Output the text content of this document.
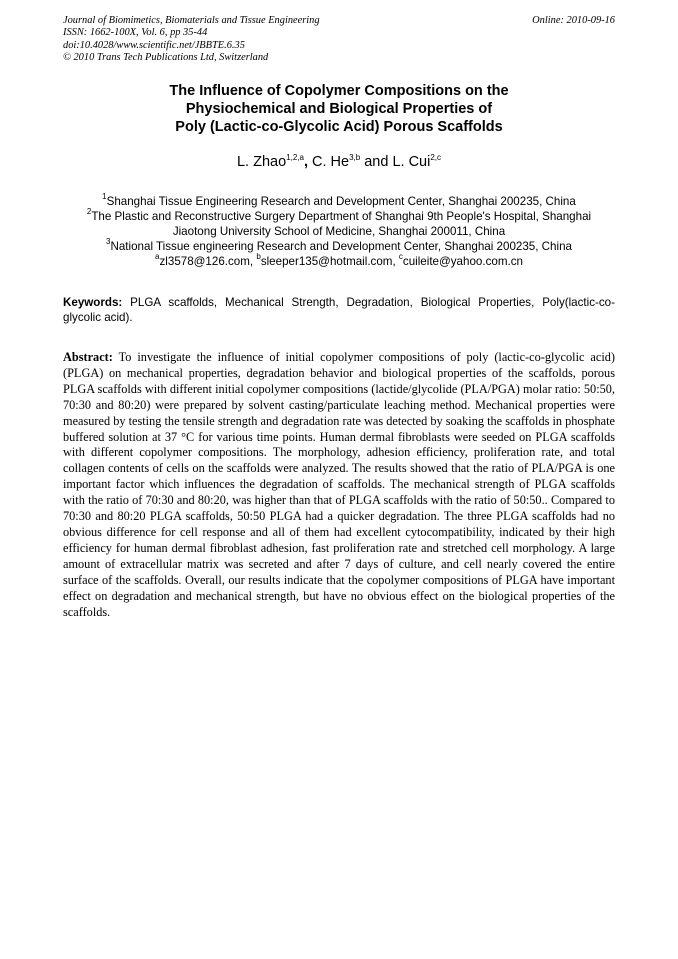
Journal of Biomimetics, Biomaterials and Tissue Engineering
ISSN: 1662-100X, Vol. 6, pp 35-44
doi:10.4028/www.scientific.net/JBBTE.6.35
© 2010 Trans Tech Publications Ltd, Switzerland
Online: 2010-09-16
The Influence of Copolymer Compositions on the
Physiochemical and Biological Properties of
Poly (Lactic-co-Glycolic Acid) Porous Scaffolds
L. Zhao$^{1,2,a}$, C. He$^{3,b}$ and L. Cui$^{2,c}$
$^1$Shanghai Tissue Engineering Research and Development Center, Shanghai 200235, China
$^2$The Plastic and Reconstructive Surgery Department of Shanghai 9th People's Hospital, Shanghai
Jiaotong University School of Medicine, Shanghai 200011, China
$^3$National Tissue engineering Research and Development Center, Shanghai 200235, China
$^a$zl3578@126.com, $^b$sleeper135@hotmail.com, $^c$cuileite@yahoo.com.cn
Keywords: PLGA scaffolds, Mechanical Strength, Degradation, Biological Properties, Poly(lactic-co-glycolic acid).
Abstract: To investigate the influence of initial copolymer compositions of poly (lactic-co-glycolic acid) (PLGA) on mechanical properties, degradation behavior and biological properties of the scaffolds, porous PLGA scaffolds with different initial copolymer compositions (lactide/glycolide (PLA/PGA) molar ratio: 50:50, 70:30 and 80:20) were prepared by solvent casting/particulate leaching method. Mechanical properties were measured by testing the tensile strength and degradation rate was detected by soaking the scaffolds in phosphate buffered solution at 37 °C for various time points. Human dermal fibroblasts were seeded on PLGA scaffolds with different copolymer compositions. The morphology, adhesion efficiency, proliferation rate, and total collagen contents of cells on the scaffolds were analyzed. The results showed that the ratio of PLA/PGA is one important factor which influences the degradation of scaffolds. The mechanical strength of PLGA scaffolds with the ratio of 70:30 and 80:20, was higher than that of PLGA scaffolds with the ratio of 50:50.. Compared to 70:30 and 80:20 PLGA scaffolds, 50:50 PLGA had a quicker degradation. The three PLGA scaffolds had no obvious difference for cell response and all of them had excellent cytocompatibility, indicated by their high efficiency for human dermal fibroblast adhesion, fast proliferation rate and stretched cell morphology. A large amount of extracellular matrix was secreted and after 7 days of culture, and cell nearly covered the entire surface of the scaffolds. Overall, our results indicate that the copolymer compositions of PLGA have important effect on degradation and mechanical strength, but have no obvious effect on the biological properties of the scaffolds.
